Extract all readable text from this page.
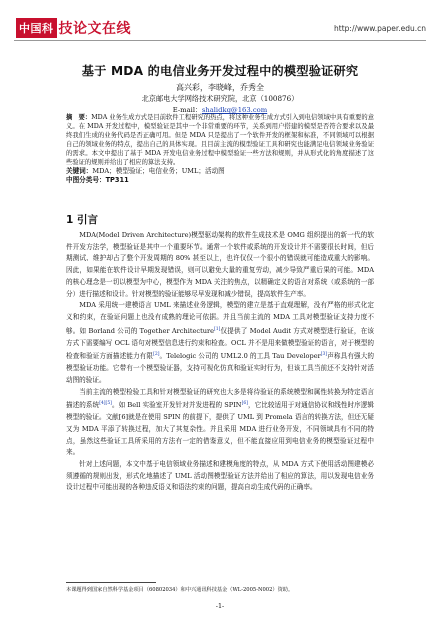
中国科 技论文在线	http://www.paper.edu.cn
基于 MDA 的电信业务开发过程中的模型验证研究
高兴彩，李晓峰，乔秀全
北京邮电大学网络技术研究院，北京（100876）
E-mail：shalidkq@163.com
摘　要：MDA 业务生成方式是目前软件工程研究的热点，将这种业务生成方式引入到电信领域中具有重要的意义。在 MDA 开发过程中，模型验证是其中一个非常重要的环节，关系到用户搭建的模型是否符合要求以及最终我们生成的业务代码是否正确可用。但是 MDA 只是提出了一个软件开发的框架和标准，不同领域可以根据自己的领域业务的特点，提出自己的具体实现。且目前主流的模型验证工具和研究也能满足电信领域业务验证的需求。本文中提出了基于 MDA 开发电信业务过程中模型验证一些方法和规则，并从形式化的角度描述了这些验证的规则并给出了相应的算法支持。
关键词：MDA；模型验证；电信业务；UML；活动图
中图分类号：TP311
1 引言

MDA(Model Driven Architecture)模型驱动架构的软件生成技术是 OMG 组织提出的新一代的软件开发方法学，模型验证是其中一个重要环节。通常一个软件或系统的开发设计并不需要很长时间，但后期测试、维护却占了整个开发周期的 80% 甚至以上，也许仅仅一个很小的错误就可能造成重大的影响。因此，如果能在软件设计早期发现错误，则可以避免大量的重复劳动，减少导致严重后果的可能。MDA 的核心理念是一切以模型为中心，模型作为 MDA 关注的焦点，以精确定义的语言对系统（或系统的一部分）进行描述和设计。针对模型的验证能够尽早发现和减少错误，提高软件生产率。

MDA 采用统一建模语言 UML 来描述业务逻辑，模型的建立是基于直观理解，没有严格的形式化定义和约束，在验证问题上也没有成熟的理论可依据。并且当前主流的 MDA 工具对模型验证支持力度不够。如 Borland 公司的 Together Architecture[1]仅提供了 Model Audit 方式对模型进行验证，在该方式下需要编写 OCL 语句对模型信息进行约束和检查。OCL 并不是用来做模型验证的语言，对于模型的检查和验证方面描述能力有限[2]。Telelogic 公司的 UML2.0 的工具 Tau Developer[3]声称具有强大的模型验证功能。它带有一个模型验证器，支持可视化仿真和验证实时行为，但该工具当前还不支持针对活动图的验证。

当前主流的模型检验工具和针对模型验证的研究也大多是将待验证的系统模型和属性转换为特定语言描述的系统[4][5]。如 Bell 实验室开发针对并发进程的 SPIN[6]，它比较适用于对通信协议和线性时序逻辑模型的验证。文献[6]就是在使用 SPIN 的前提下，提供了 UML 到 Promela 语言的转换方法，但还无疑又为 MDA 平添了转换过程，加大了其复杂性。并且采用 MDA 进行业务开发，不同领域具有不同的特点，虽然这些验证工具所采用的方法有一定的借鉴意义，但不能直接应用到电信业务的模型验证过程中来。

针对上述问题，本文中基于电信领域业务描述和建模角度的特点，从 MDA 方式下使用活动图建模必须遵循的规则出发，形式化地描述了 UML 活动图模型验证方法并给出了相应的算法，用以发现电信业务设计过程中可能出现的各种违反语义和语法约束的问题，提高自动生成代码的正确率。

本课题得到国家自然科学基金项目（60802034）和中兴通讯科技基金（WL-2005-N002）资助。
-1-
